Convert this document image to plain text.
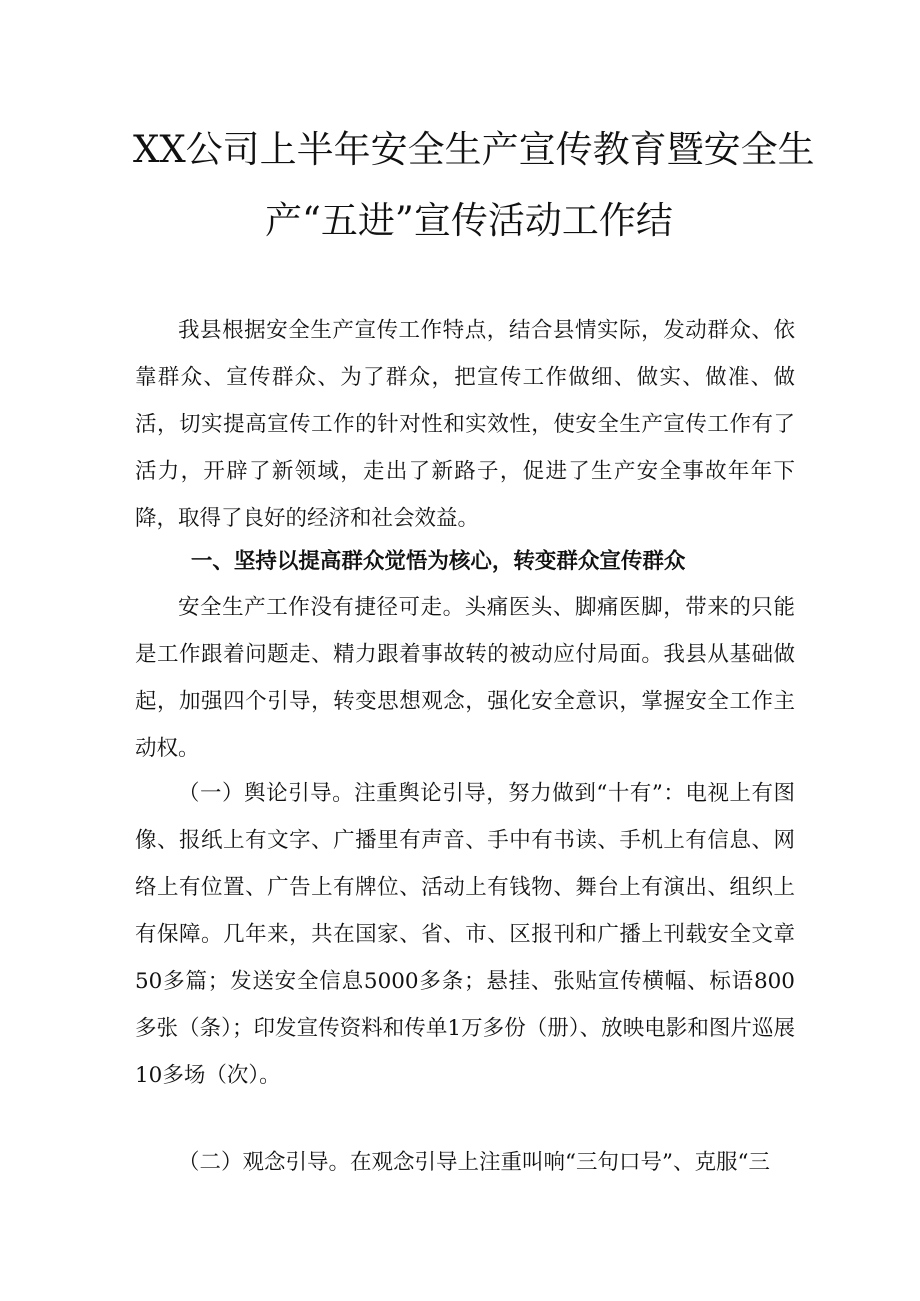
XX公司上半年安全生产宣传教育暨安全生
产“五进”宣传活动工作结

我县根据安全生产宣传工作特点，结合县情实际，发动群众、依靠群众、宣传群众、为了群众，把宣传工作做细、做实、做准、做活，切实提高宣传工作的针对性和实效性，使安全生产宣传工作有了活力，开辟了新领域，走出了新路子，促进了生产安全事故年年下降，取得了良好的经济和社会效益。

一、坚持以提高群众觉悟为核心，转变群众宣传群众

安全生产工作没有捷径可走。头痛医头、脚痛医脚，带来的只能是工作跟着问题走、精力跟着事故转的被动应付局面。我县从基础做起，加强四个引导，转变思想观念，强化安全意识，掌握安全工作主动权。

（一）舆论引导。注重舆论引导，努力做到“十有”：电视上有图像、报纸上有文字、广播里有声音、手中有书读、手机上有信息、网络上有位置、广告上有牌位、活动上有钱物、舞台上有演出、组织上有保障。几年来，共在国家、省、市、区报刊和广播上刊载安全文章50多篇；发送安全信息5000多条；悬挂、张贴宣传横幅、标语800多张（条）；印发宣传资料和传单1万多份（册）、放映电影和图片巡展10多场（次）。

（二）观念引导。在观念引导上注重叫响“三句口号”、克服“三
